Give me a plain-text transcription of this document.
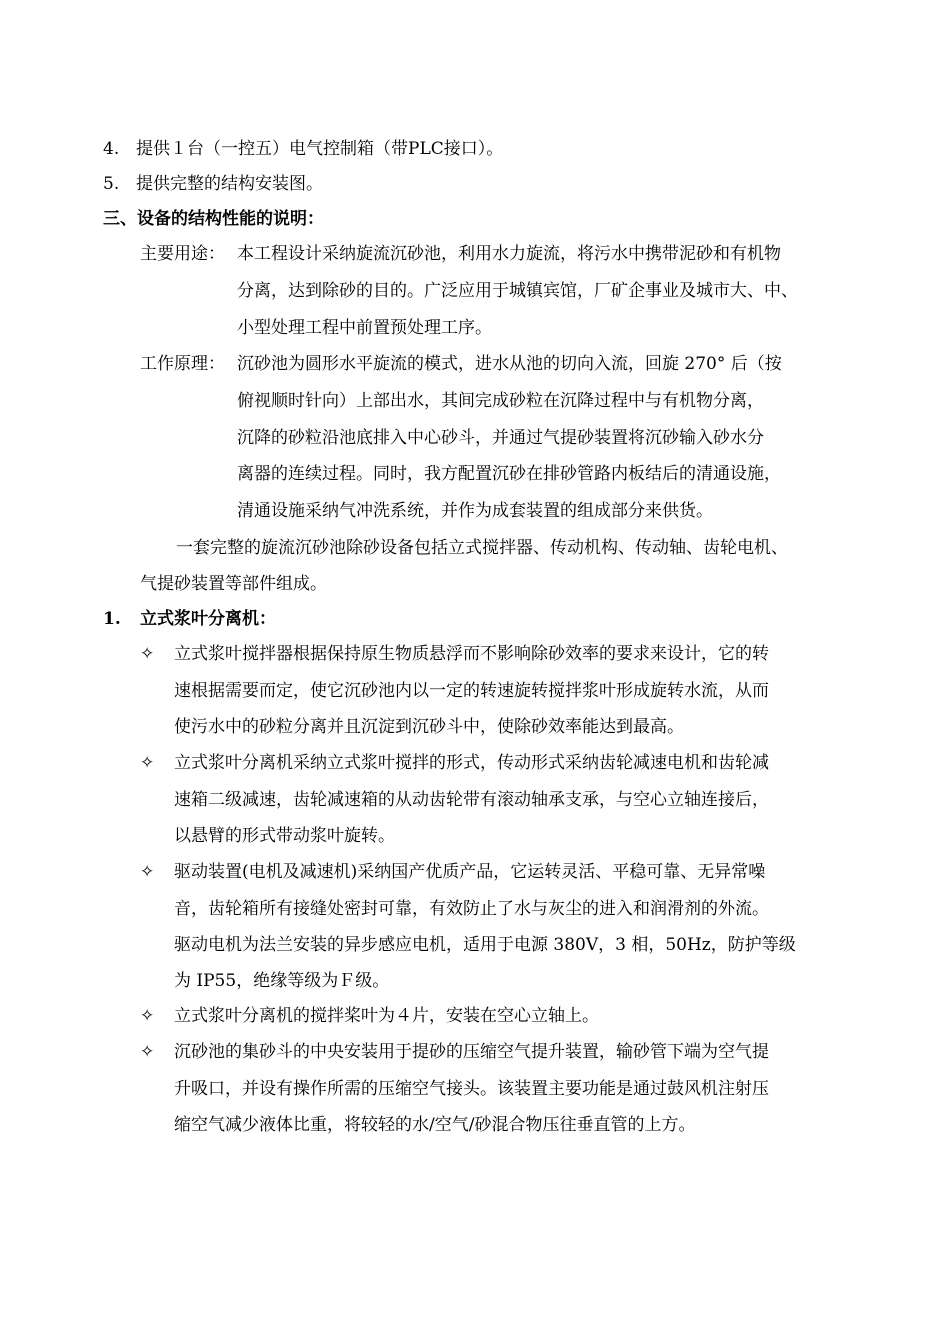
4. 提供１台（一控五）电气控制箱（带PLC接口）。
5. 提供完整的结构安装图。
三、设备的结构性能的说明：
主要用途： 本工程设计采纳旋流沉砂池，利用水力旋流，将污水中携带泥砂和有机物
分离，达到除砂的目的。广泛应用于城镇宾馆，厂矿企事业及城市大、中、
小型处理工程中前置预处理工序。
工作原理： 沉砂池为圆形水平旋流的模式，进水从池的切向入流，回旋 270° 后（按
俯视顺时针向）上部出水，其间完成砂粒在沉降过程中与有机物分离，
沉降的砂粒沿池底排入中心砂斗，并通过气提砂装置将沉砂输入砂水分
离器的连续过程。同时，我方配置沉砂在排砂管路内板结后的清通设施，
清通设施采纳气冲洗系统，并作为成套装置的组成部分来供货。
一套完整的旋流沉砂池除砂设备包括立式搅拌器、传动机构、传动轴、齿轮电机、
气提砂装置等部件组成。
1. 立式浆叶分离机：
✧ 立式浆叶搅拌器根据保持原生物质悬浮而不影响除砂效率的要求来设计，它的转
速根据需要而定，使它沉砂池内以一定的转速旋转搅拌浆叶形成旋转水流，从而
使污水中的砂粒分离并且沉淀到沉砂斗中，使除砂效率能达到最高。
✧ 立式浆叶分离机采纳立式浆叶搅拌的形式，传动形式采纳齿轮减速电机和齿轮减
速箱二级减速，齿轮减速箱的从动齿轮带有滚动轴承支承，与空心立轴连接后，
以悬臂的形式带动浆叶旋转。
✧ 驱动装置(电机及减速机)采纳国产优质产品，它运转灵活、平稳可靠、无异常噪
音，齿轮箱所有接缝处密封可靠，有效防止了水与灰尘的进入和润滑剂的外流。
驱动电机为法兰安装的异步感应电机，适用于电源 380V，3 相，50Hz，防护等级
为 IP55，绝缘等级为Ｆ级。
✧ 立式浆叶分离机的搅拌桨叶为４片，安装在空心立轴上。
✧ 沉砂池的集砂斗的中央安装用于提砂的压缩空气提升装置，输砂管下端为空气提
升吸口，并设有操作所需的压缩空气接头。该装置主要功能是通过鼓风机注射压
缩空气减少液体比重，将较轻的水/空气/砂混合物压往垂直管的上方。
